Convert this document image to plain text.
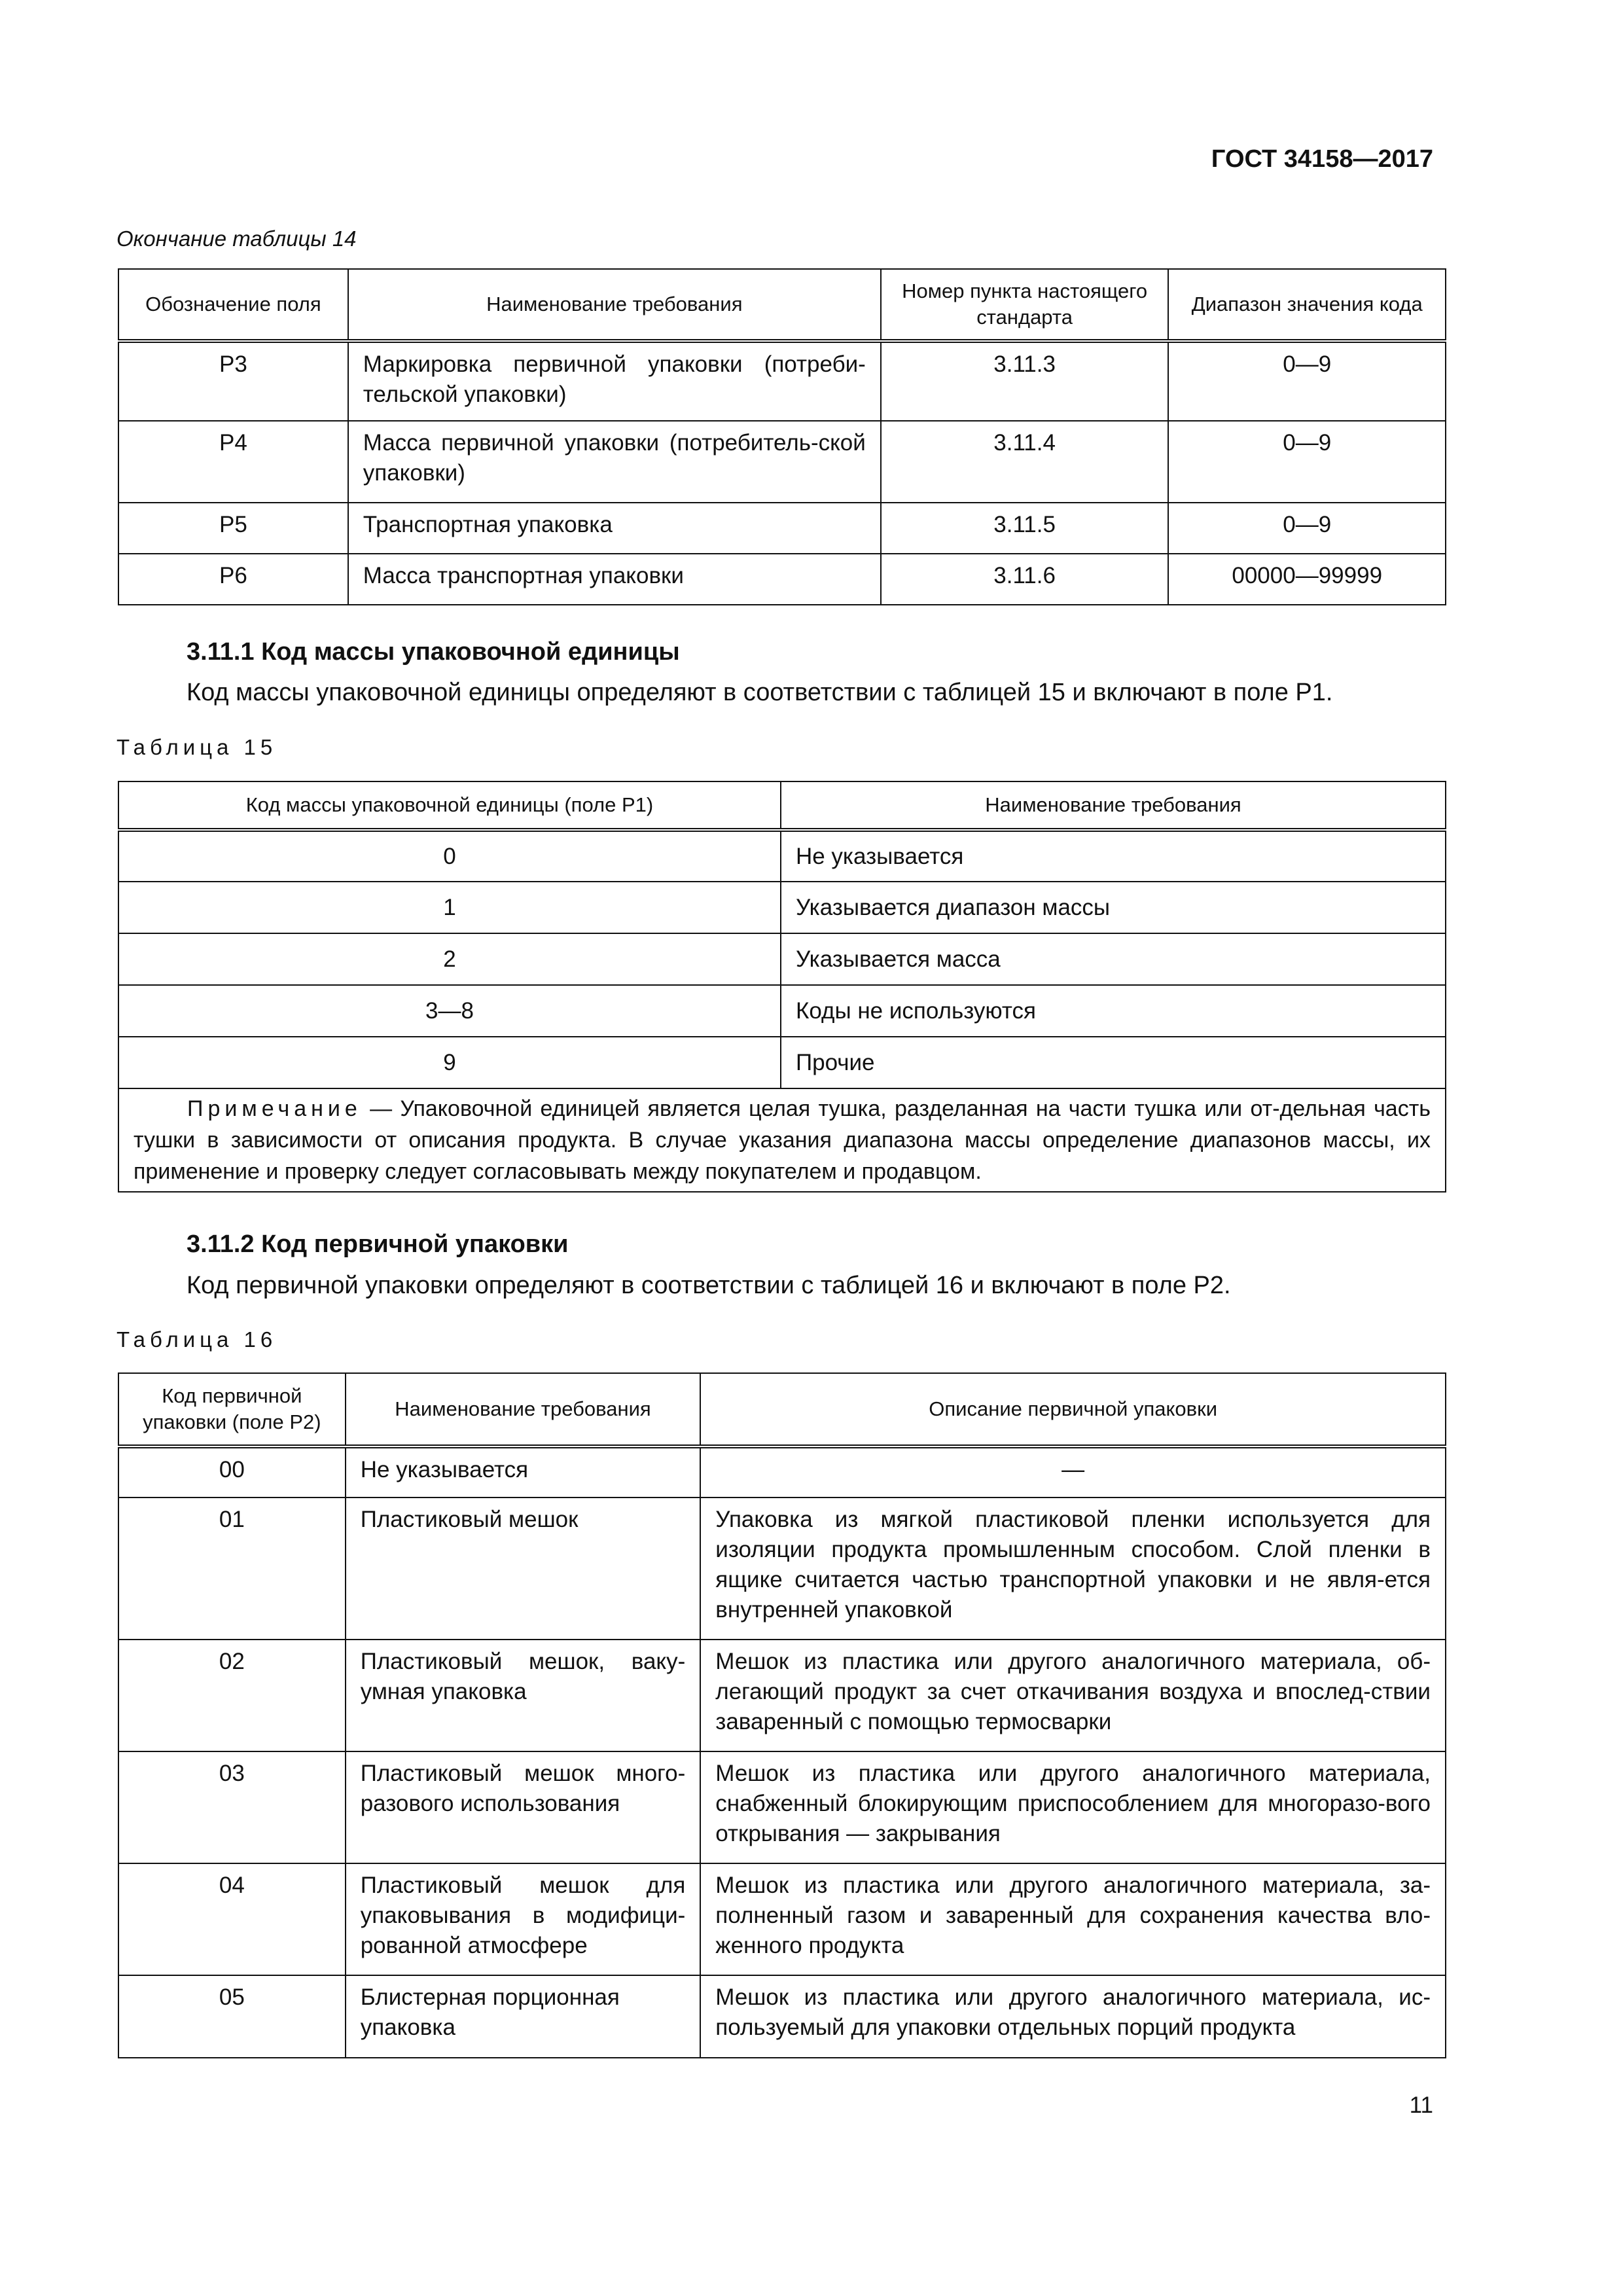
ГОСТ 34158—2017
Окончание таблицы 14
Обозначение поля	Наименование требования	Номер пункта настоящего стандарта	Диапазон значения кода
P3	Маркировка первичной упаковки (потреби-тельской упаковки)	3.11.3	0—9
P4	Масса первичной упаковки (потребитель-ской упаковки)	3.11.4	0—9
P5	Транспортная упаковка	3.11.5	0—9
P6	Масса транспортная упаковки	3.11.6	00000—99999
3.11.1 Код массы упаковочной единицы
Код массы упаковочной единицы определяют в соответствии с таблицей 15 и включают в поле P1.
Таблица 15
Код массы упаковочной единицы (поле P1)	Наименование требования
0	Не указывается
1	Указывается диапазон массы
2	Указывается масса
3—8	Коды не используются
9	Прочие
Примечание — Упаковочной единицей является целая тушка, разделанная на части тушка или от-дельная часть тушки в зависимости от описания продукта. В случае указания диапазона массы определение диапазонов массы, их применение и проверку следует согласовывать между покупателем и продавцом.	
3.11.2 Код первичной упаковки
Код первичной упаковки определяют в соответствии с таблицей 16 и включают в поле P2.
Таблица 16
Код первичной упаковки (поле P2)	Наименование требования	Описание первичной упаковки
00	Не указывается	—
01	Пластиковый мешок	Упаковка из мягкой пластиковой пленки используется для изоляции продукта промышленным способом. Слой пленки в ящике считается частью транспортной упаковки и не явля-ется внутренней упаковкой
02	Пластиковый мешок, ваку-умная упаковка	Мешок из пластика или другого аналогичного материала, об-легающий продукт за счет откачивания воздуха и впослед-ствии заваренный с помощью термосварки
03	Пластиковый мешок много-разового использования	Мешок из пластика или другого аналогичного материала, снабженный блокирующим приспособлением для многоразо-вого открывания — закрывания
04	Пластиковый мешок для упаковывания в модифици-рованной атмосфере	Мешок из пластика или другого аналогичного материала, за-полненный газом и заваренный для сохранения качества вло-женного продукта
05	Блистерная порционная упаковка	Мешок из пластика или другого аналогичного материала, ис-пользуемый для упаковки отдельных порций продукта
11
